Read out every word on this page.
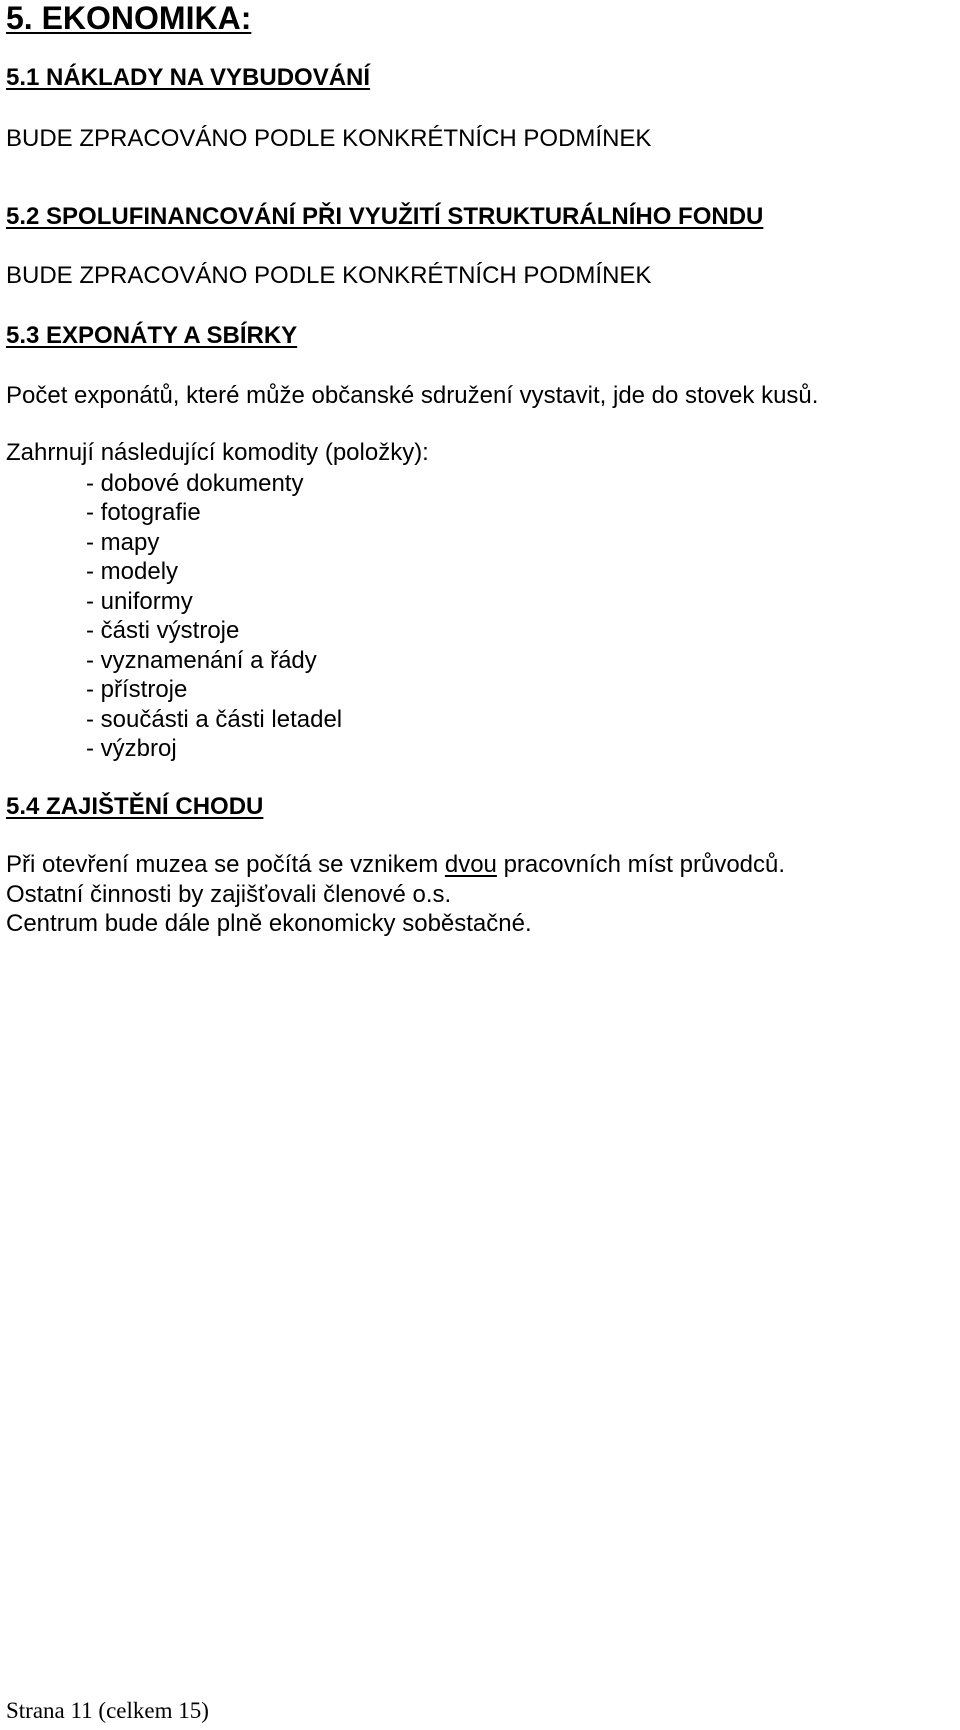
5. EKONOMIKA:
5.1 NÁKLADY NA VYBUDOVÁNÍ

BUDE ZPRACOVÁNO PODLE KONKRÉTNÍCH PODMÍNEK

5.2 SPOLUFINANCOVÁNÍ PŘI VYUŽITÍ STRUKTURÁLNÍHO FONDU

BUDE ZPRACOVÁNO PODLE KONKRÉTNÍCH PODMÍNEK

5.3 EXPONÁTY A SBÍRKY

Počet exponátů, které může občanské sdružení vystavit, jde do stovek kusů.

Zahrnují následující komodity (položky):

- dobové dokumenty

- fotografie

- mapy

- modely

- uniformy

- části výstroje

- vyznamenání a řády

- přístroje

- součásti a části letadel

- výzbroj

5.4 ZAJIŠTĚNÍ CHODU

Při otevření muzea se počítá se vznikem dvou pracovních míst průvodců.

Ostatní činnosti by zajišťovali členové o.s.

Centrum bude dále plně ekonomicky soběstačné.

Strana 11 (celkem 15)
